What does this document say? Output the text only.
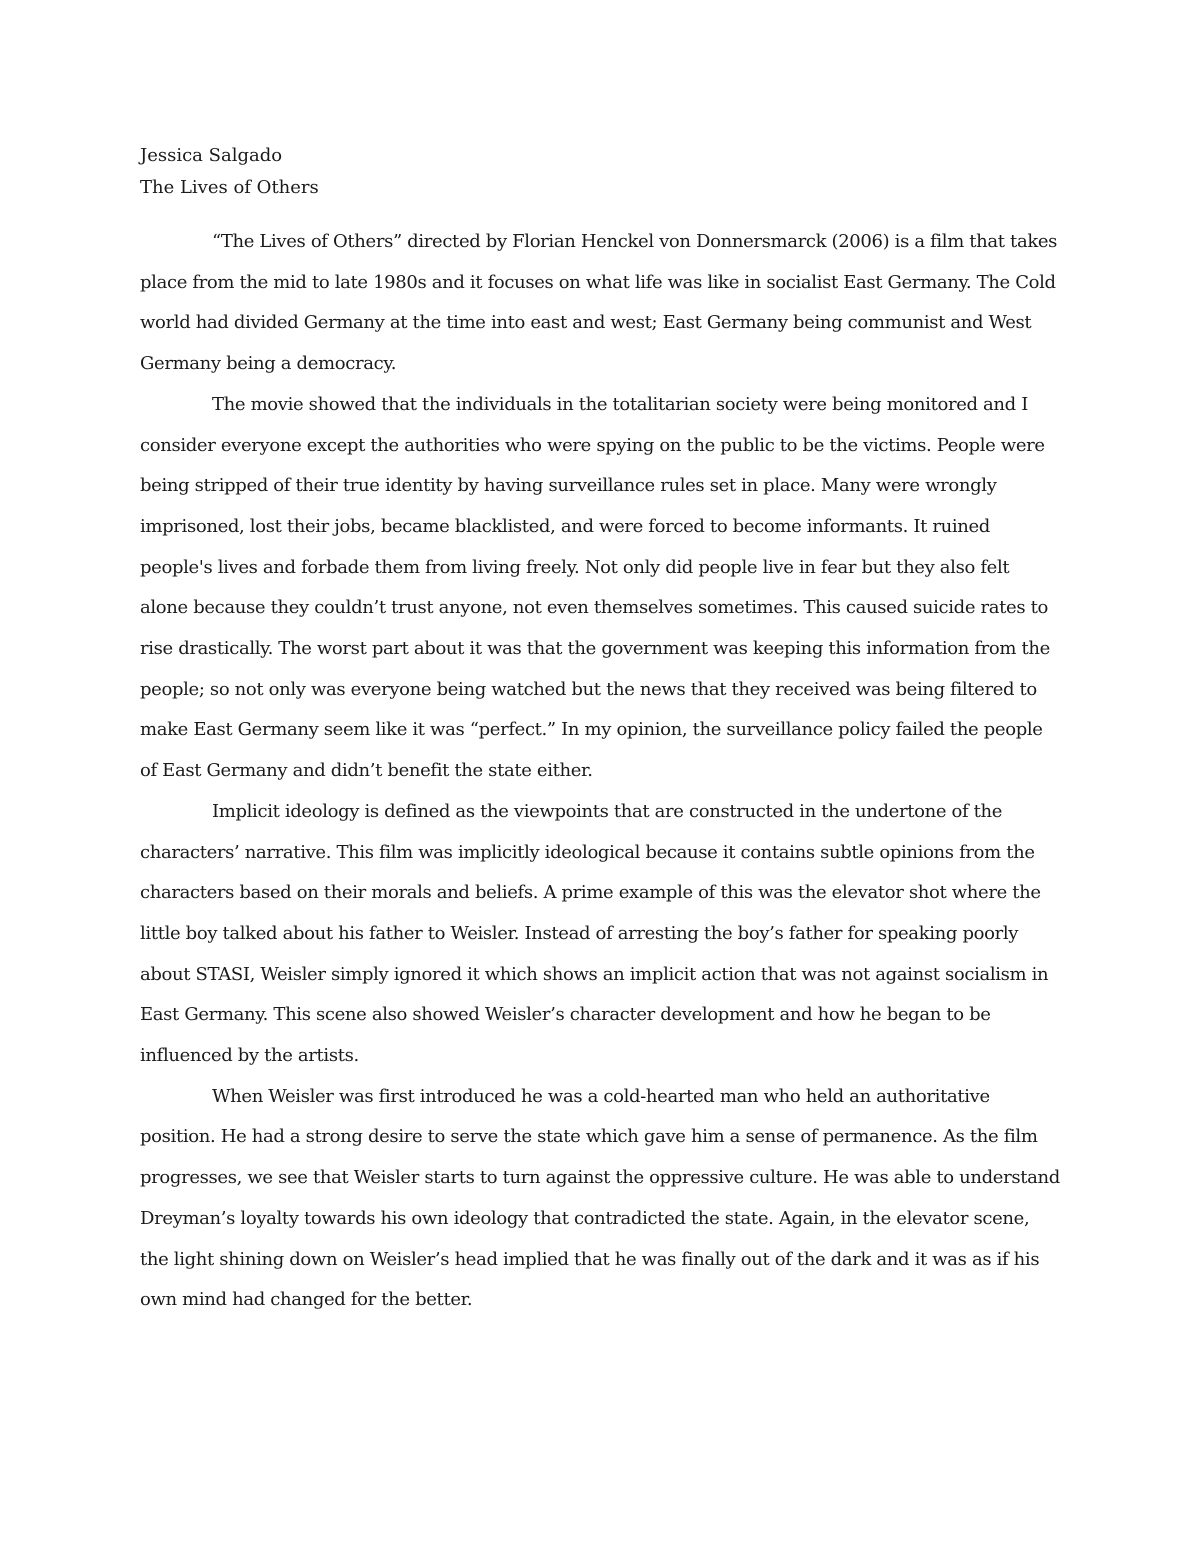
Jessica Salgado

The Lives of Others

“The Lives of Others” directed by Florian Henckel von Donnersmarck (2006) is a film that takes place from the mid to late 1980s and it focuses on what life was like in socialist East Germany. The Cold world had divided Germany at the time into east and west; East Germany being communist and West Germany being a democracy.

The movie showed that the individuals in the totalitarian society were being monitored and I consider everyone except the authorities who were spying on the public to be the victims. People were being stripped of their true identity by having surveillance rules set in place. Many were wrongly imprisoned, lost their jobs, became blacklisted, and were forced to become informants. It ruined people's lives and forbade them from living freely. Not only did people live in fear but they also felt alone because they couldn’t trust anyone, not even themselves sometimes. This caused suicide rates to rise drastically. The worst part about it was that the government was keeping this information from the people; so not only was everyone being watched but the news that they received was being filtered to make East Germany seem like it was “perfect.” In my opinion, the surveillance policy failed the people of East Germany and didn’t benefit the state either.

Implicit ideology is defined as the viewpoints that are constructed in the undertone of the characters’ narrative. This film was implicitly ideological because it contains subtle opinions from the characters based on their morals and beliefs. A prime example of this was the elevator shot where the little boy talked about his father to Weisler. Instead of arresting the boy’s father for speaking poorly about STASI, Weisler simply ignored it which shows an implicit action that was not against socialism in East Germany. This scene also showed Weisler’s character development and how he began to be influenced by the artists.

When Weisler was first introduced he was a cold-hearted man who held an authoritative position. He had a strong desire to serve the state which gave him a sense of permanence. As the film progresses, we see that Weisler starts to turn against the oppressive culture. He was able to understand Dreyman’s loyalty towards his own ideology that contradicted the state. Again, in the elevator scene, the light shining down on Weisler’s head implied that he was finally out of the dark and it was as if his own mind had changed for the better.
